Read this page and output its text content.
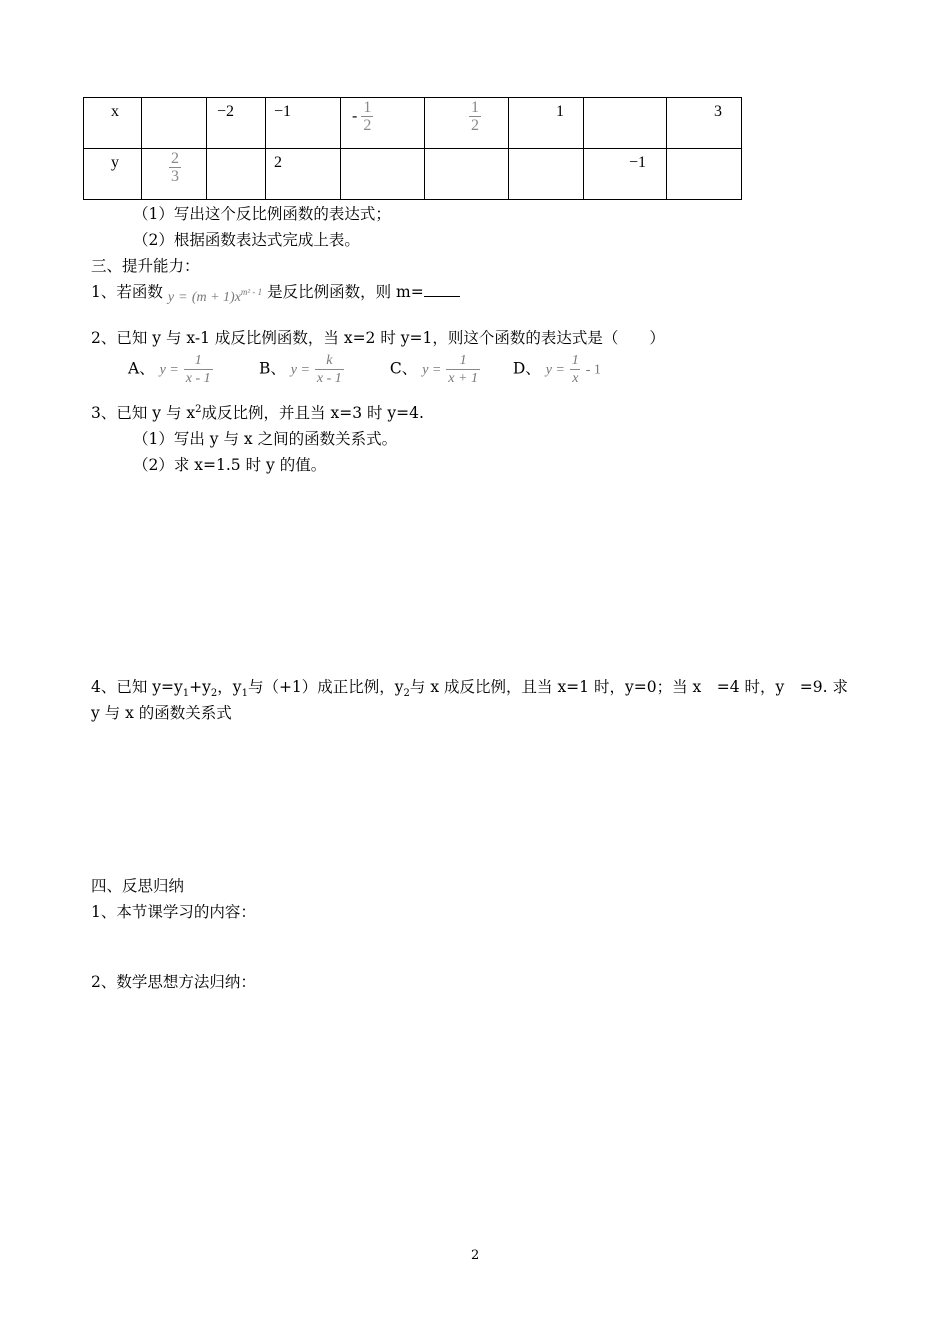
x		−2	−1	- $\frac{1}{2}$	$\frac{1}{2}$	1		3

y	$\frac{2}{3}$		2				−1	

（1）写出这个反比例函数的表达式；
（2）根据函数表达式完成上表。
三、提升能力：
1、若函数 $y = (m + 1)x^{m^2 - 1}$ 是反比例函数，则 m=
2、已知 y 与 x-1 成反比例函数，当 x=2 时 y=1，则这个函数的表达式是（　　）
A、 $y = \frac{1}{x - 1}$	B、 $y = \frac{k}{x - 1}$	C、 $y = \frac{1}{x + 1}$ D、 $y = \frac{1}{x} - 1$
3、已知 y 与 $x^2$成反比例，并且当 x=3 时 y=4.
（1）写出 y 与 x 之间的函数关系式。
（2）求 x=1.5 时 y 的值。
4、已知 $y=y_1+y_2$，$y_1$与（+1）成正比例，$y_2$与 x 成反比例，且当 x=1 时，y=0；当 x　=4 时，y　=9. 求
y 与 x 的函数关系式
四、反思归纳
1、本节课学习的内容：
2、数学思想方法归纳：
2
